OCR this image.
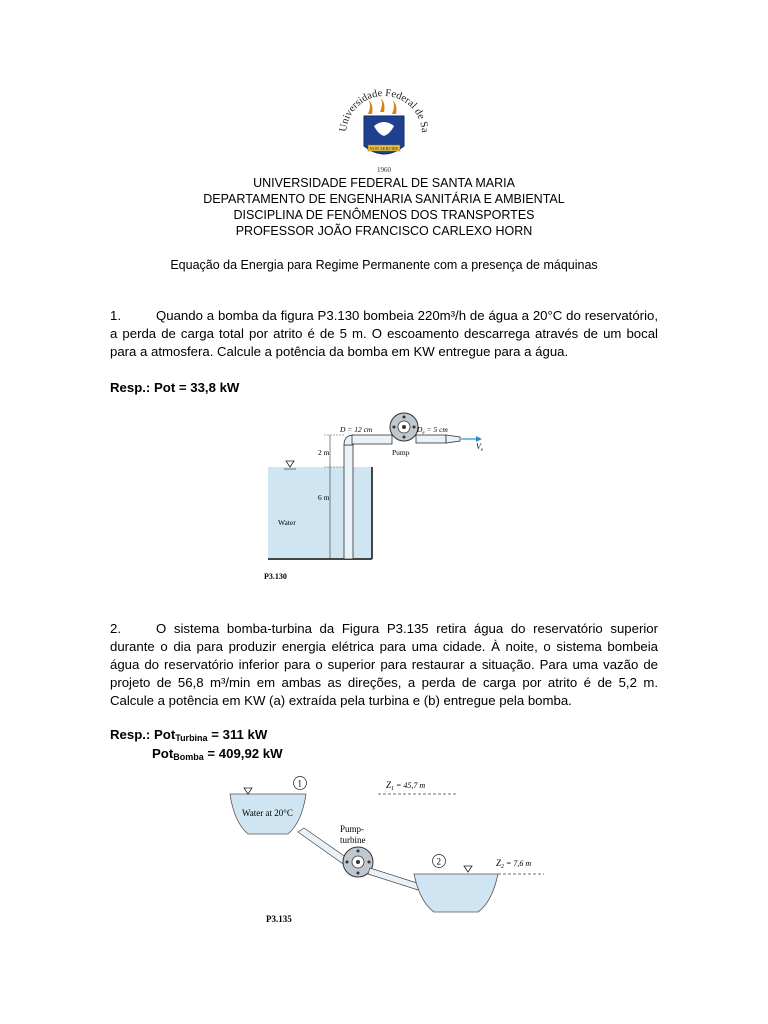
Universidade Federal de Sa
NON SERVIRE
1960
UNIVERSIDADE FEDERAL DE SANTA MARIA
DEPARTAMENTO DE ENGENHARIA SANITÁRIA E AMBIENTAL
DISCIPLINA DE FENÔMENOS DOS TRANSPORTES
PROFESSOR JOÃO FRANCISCO CARLEXO HORN
Equação da Energia para Regime Permanente com a presença de máquinas
1.	Quando a bomba da figura P3.130 bombeia 220m³/h de água a 20°C do reservatório, a perda de carga total por atrito é de 5 m. O escoamento descarrega através de um bocal para a atmosfera. Calcule a potência da bomba em KW entregue para a água.
Resp.: Pot = 33,8 kW
2 m
6 m
D = 12 cm	$D_e = 5$ cm
$V_e$
Pump
Water
P3.130
2.	O sistema bomba-turbina da Figura P3.135 retira água do reservatório superior durante o dia para produzir energia elétrica para uma cidade. À noite, o sistema bombeia água do reservatório inferior para o superior para restaurar a situação. Para uma vazão de projeto de 56,8 m³/min em ambas as direções, a perda de carga por atrito é de 5,2 m. Calcule a potência em KW (a) extraída pela turbina e (b) entregue pela bomba.
Resp.: Pot$_{Turbina}$ = 311 kW
Pot$_{Bomba}$ = 409,92 kW
Water at 20°C
1	$Z_1 = 45,7$ m
Pump-
turbine
2	$Z_2 = 7,6$ m
P3.135
